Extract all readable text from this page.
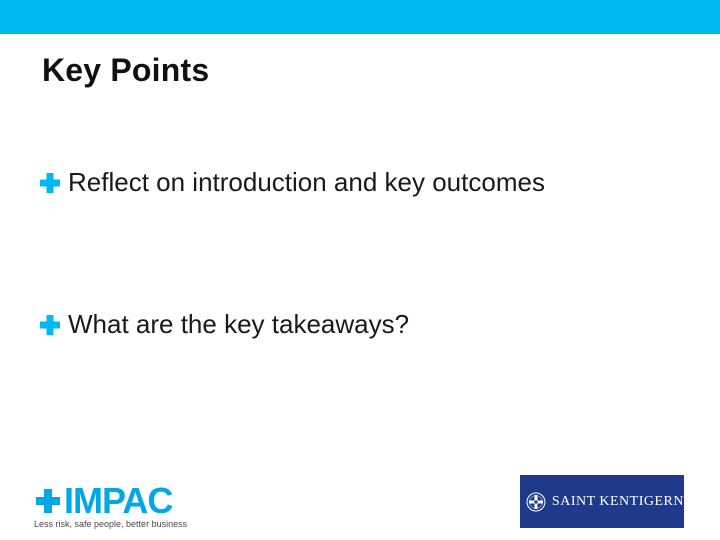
Key Points
Reflect on introduction and key outcomes
What are the key takeaways?
IMPAC
Less risk, safe people, better business
SAINT KENTIGERN
